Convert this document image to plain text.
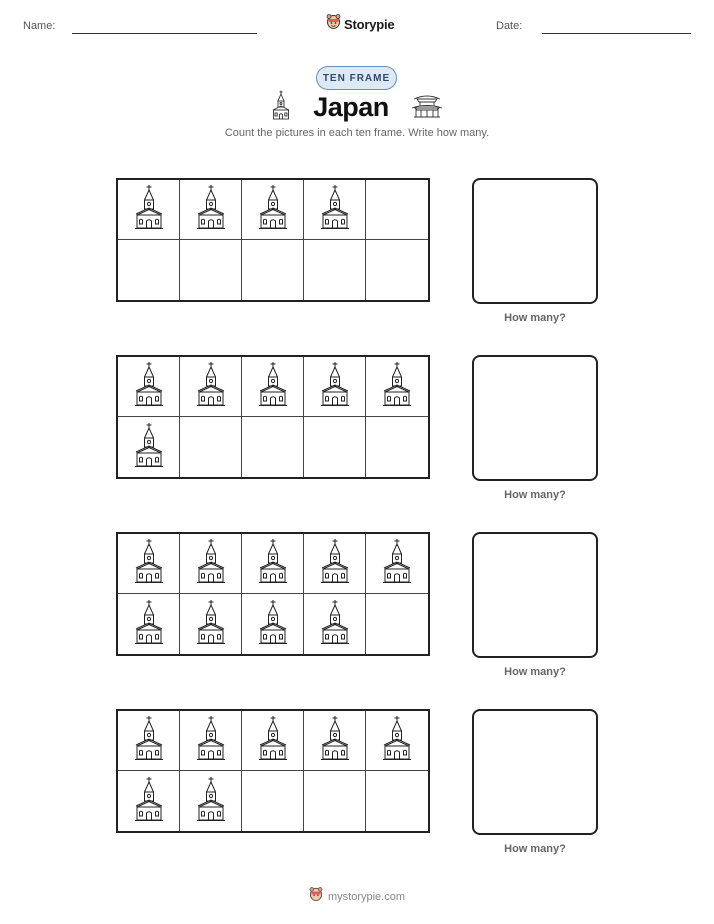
Name:	Storypie	Date:
TEN FRAME
Japan
Count the pictures in each ten frame. Write how many.
How many?
How many?
How many?
How many?
mystorypie.com
